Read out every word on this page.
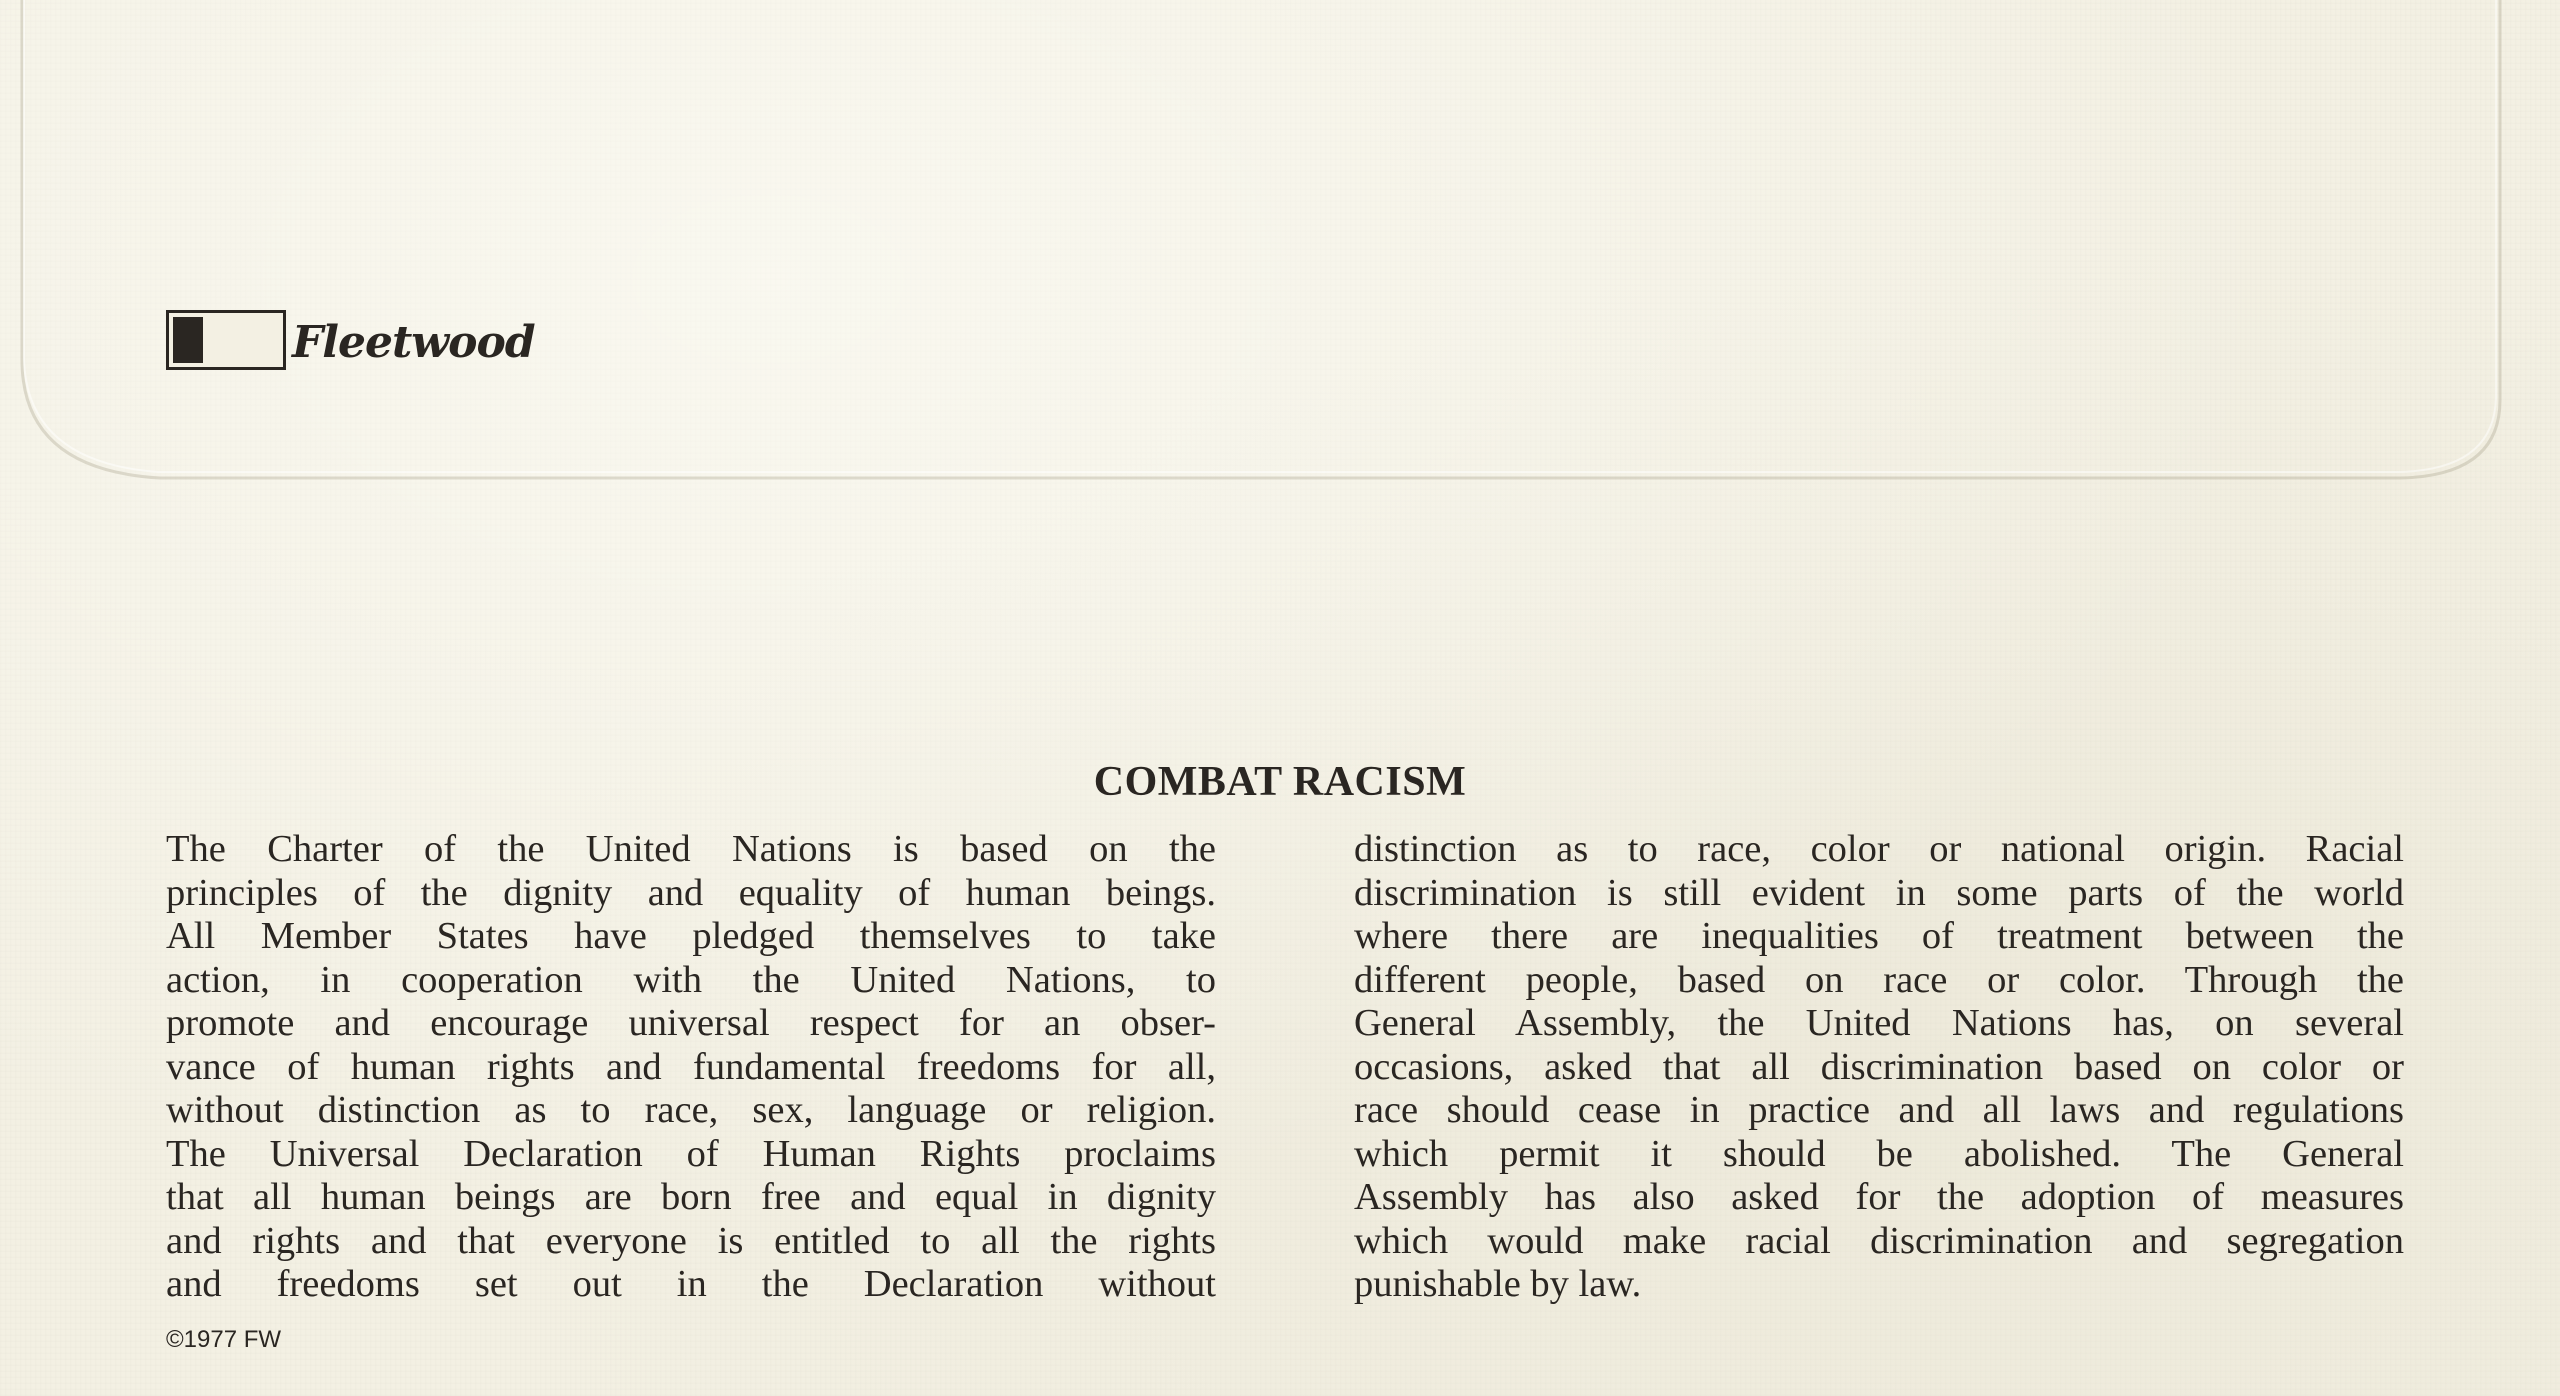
Fleetwood
COMBAT RACISM
The Charter of the United Nations is based on the
principles of the dignity and equality of human beings.
All Member States have pledged themselves to take
action, in cooperation with the United Nations, to
promote and encourage universal respect for an obser-
vance of human rights and fundamental freedoms for all,
without distinction as to race, sex, language or religion.
The Universal Declaration of Human Rights proclaims
that all human beings are born free and equal in dignity
and rights and that everyone is entitled to all the rights
and freedoms set out in the Declaration without
distinction as to race, color or national origin. Racial
discrimination is still evident in some parts of the world
where there are inequalities of treatment between the
different people, based on race or color. Through the
General Assembly, the United Nations has, on several
occasions, asked that all discrimination based on color or
race should cease in practice and all laws and regulations
which permit it should be abolished. The General
Assembly has also asked for the adoption of measures
which would make racial discrimination and segregation
punishable by law.
©1977 FW
